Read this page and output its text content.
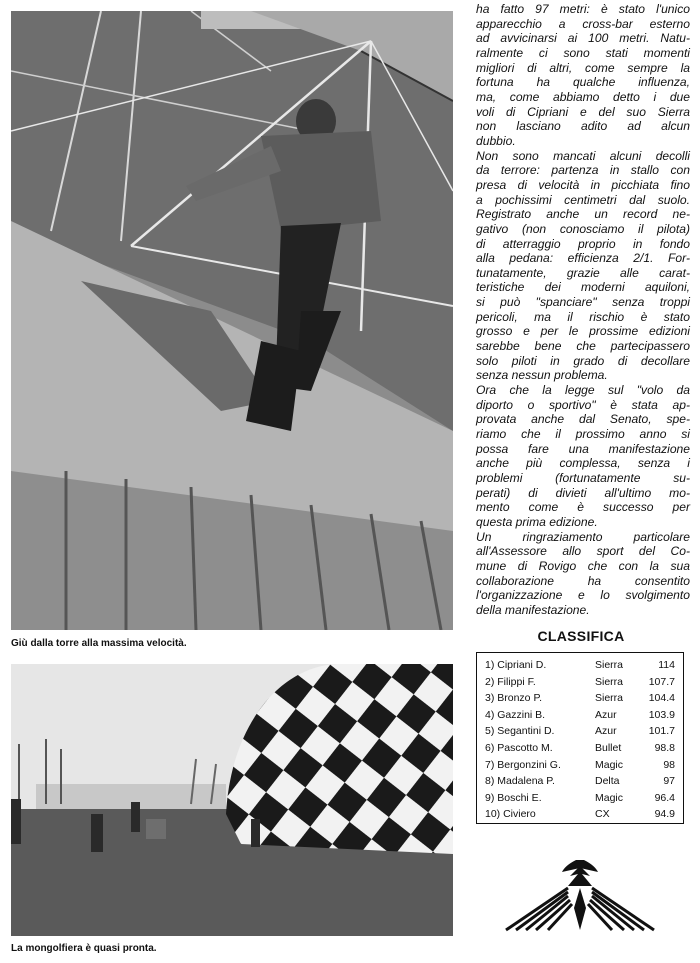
Giù dalla torre alla massima velocità.
La mongolfiera è quasi pronta.

ha fatto 97 metri: è stato l'unico
apparecchio a cross-bar esterno
ad avvicinarsi ai 100 metri. Natu-
ralmente ci sono stati momenti
migliori di altri, come sempre la
fortuna ha qualche influenza,
ma, come abbiamo detto i due
voli di Cipriani e del suo Sierra
non lasciano adito ad alcun
dubbio.

Non sono mancati alcuni decolli
da terrore: partenza in stallo con
presa di velocità in picchiata fino
a pochissimi centimetri dal suolo.
Registrato anche un record ne-
gativo (non conosciamo il pilota)
di atterraggio proprio in fondo
alla pedana: efficienza 2/1. For-
tunatamente, grazie alle carat-
teristiche dei moderni aquiloni,
si può "spanciare" senza troppi
pericoli, ma il rischio è stato
grosso e per le prossime edizioni
sarebbe bene che partecipassero
solo piloti in grado di decollare
senza nessun problema.

Ora che la legge sul "volo da
diporto o sportivo" è stata ap-
provata anche dal Senato, spe-
riamo che il prossimo anno si
possa fare una manifestazione
anche più complessa, senza i
problemi (fortunatamente su-
perati) di divieti all'ultimo mo-
mento come è successo per
questa prima edizione.

Un ringraziamento particolare
all'Assessore allo sport del Co-
mune di Rovigo che con la sua
collaborazione ha consentito
l'organizzazione e lo svolgimento
della manifestazione.

CLASSIFICA
1) Cipriani D.	Sierra	114
2) Filippi F.	Sierra 107.7
3) Bronzo P.	Sierra 104.4
4) Gazzini B.	Azur	103.9
5) Segantini D.	Azur	101.7
6) Pascotto M.	Bullet	98.8
7) Bergonzini G.	Magic	98
8) Madalena P.	Delta	97
9) Boschi E.	Magic	96.4
10) Civiero	CX	94.9
